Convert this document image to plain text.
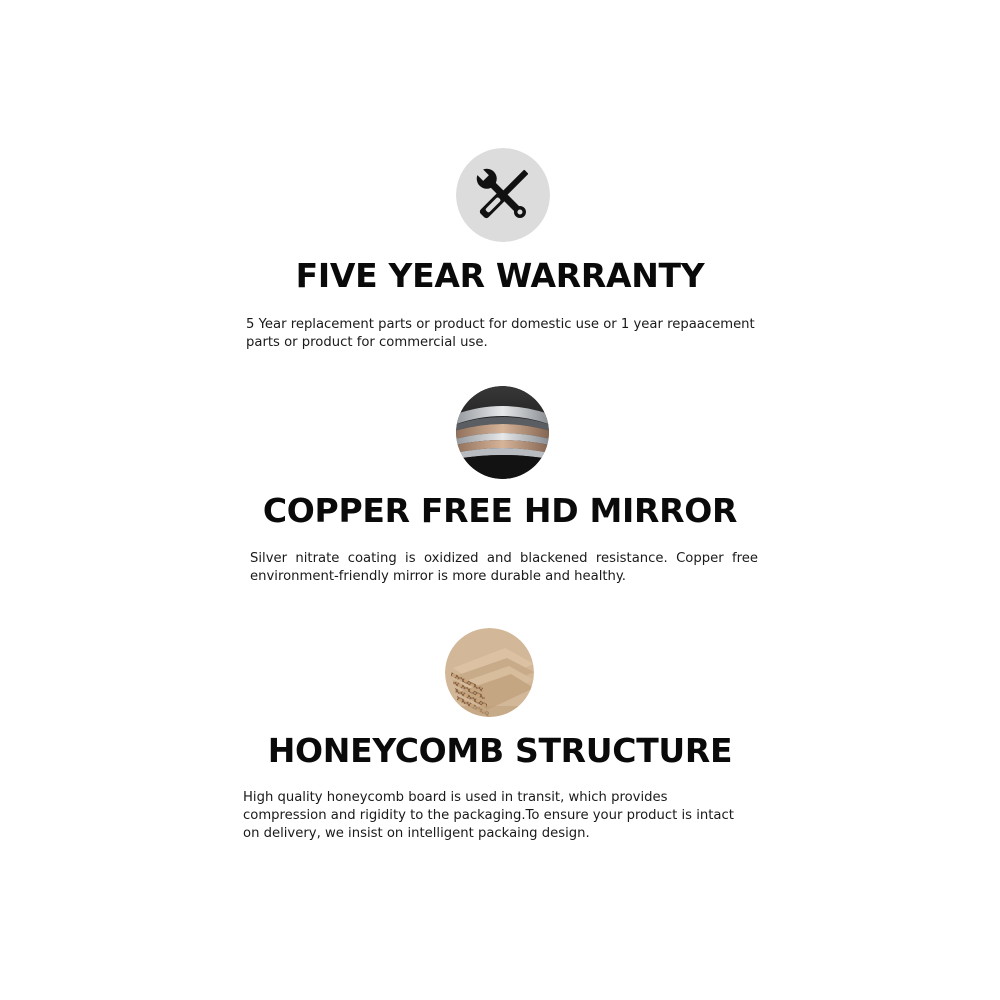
FIVE YEAR WARRANTY

5 Year replacement parts or product for domestic use or 1 year repaacement parts or product for commercial use.

COPPER FREE HD MIRROR

Silver nitrate coating is oxidized and blackened resistance. Copper free environment-friendly mirror is more durable and healthy.

HONEYCOMB STRUCTURE

High quality honeycomb board is used in transit, which provides compression and rigidity to the packaging.To ensure your product is intact on delivery, we insist on intelligent packaing design.
